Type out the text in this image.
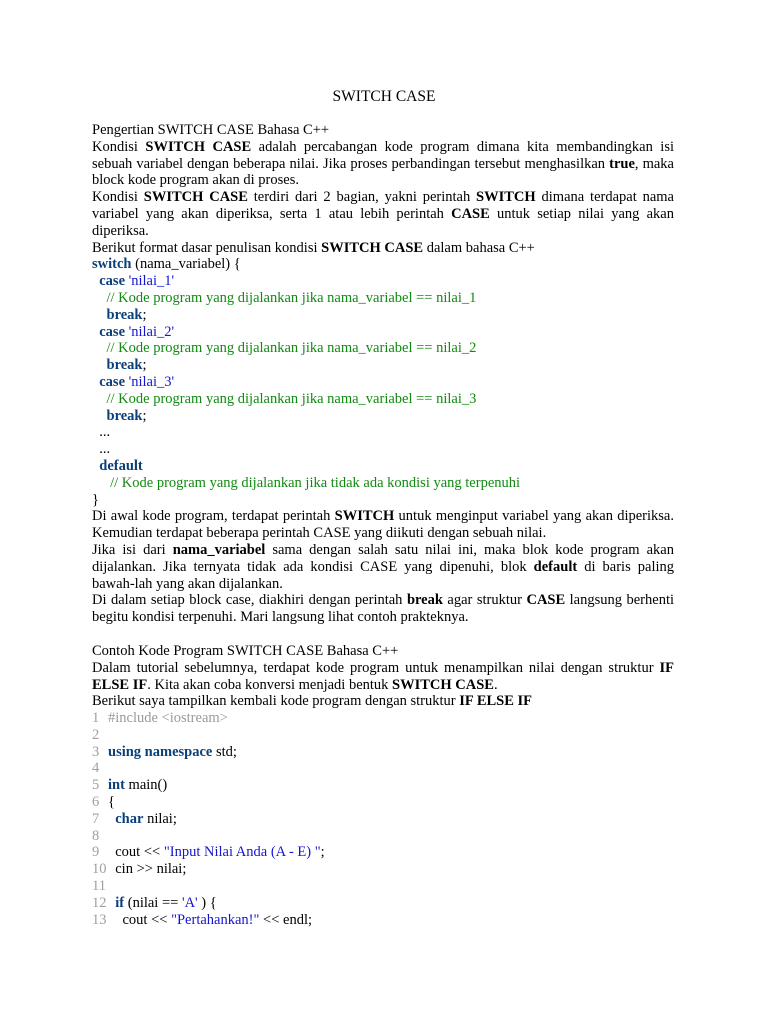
SWITCH CASE

Pengertian SWITCH CASE Bahasa C++

Kondisi SWITCH CASE adalah percabangan kode program dimana kita membandingkan isi sebuah variabel dengan beberapa nilai. Jika proses perbandingan tersebut menghasilkan true, maka block kode program akan di proses.

Kondisi SWITCH CASE terdiri dari 2 bagian, yakni perintah SWITCH dimana terdapat nama variabel yang akan diperiksa, serta 1 atau lebih perintah CASE untuk setiap nilai yang akan diperiksa.

Berikut format dasar penulisan kondisi SWITCH CASE dalam bahasa C++

switch (nama_variabel) {
case 'nilai_1'
// Kode program yang dijalankan jika nama_variabel == nilai_1
break;
case 'nilai_2'
// Kode program yang dijalankan jika nama_variabel == nilai_2
break;
case 'nilai_3'
// Kode program yang dijalankan jika nama_variabel == nilai_3
break;
...
...
default
// Kode program yang dijalankan jika tidak ada kondisi yang terpenuhi
}

Di awal kode program, terdapat perintah SWITCH untuk menginput variabel yang akan diperiksa. Kemudian terdapat beberapa perintah CASE yang diikuti dengan sebuah nilai.

Jika isi dari nama_variabel sama dengan salah satu nilai ini, maka blok kode program akan dijalankan. Jika ternyata tidak ada kondisi CASE yang dipenuhi, blok default di baris paling bawah-lah yang akan dijalankan.

Di dalam setiap block case, diakhiri dengan perintah break agar struktur CASE langsung berhenti begitu kondisi terpenuhi. Mari langsung lihat contoh prakteknya.

Contoh Kode Program SWITCH CASE Bahasa C++

Dalam tutorial sebelumnya, terdapat kode program untuk menampilkan nilai dengan struktur IF ELSE IF. Kita akan coba konversi menjadi bentuk SWITCH CASE.

Berikut saya tampilkan kembali kode program dengan struktur IF ELSE IF

1 #include <iostream>
2
3 using namespace std;
4
5 int main()
6 {
7 char nilai;
8
9  cout << "Input Nilai Anda (A - E) ";
10  cin >> nilai;
11
12 if (nilai == 'A' ) {
13    cout << "Pertahankan!" << endl;
